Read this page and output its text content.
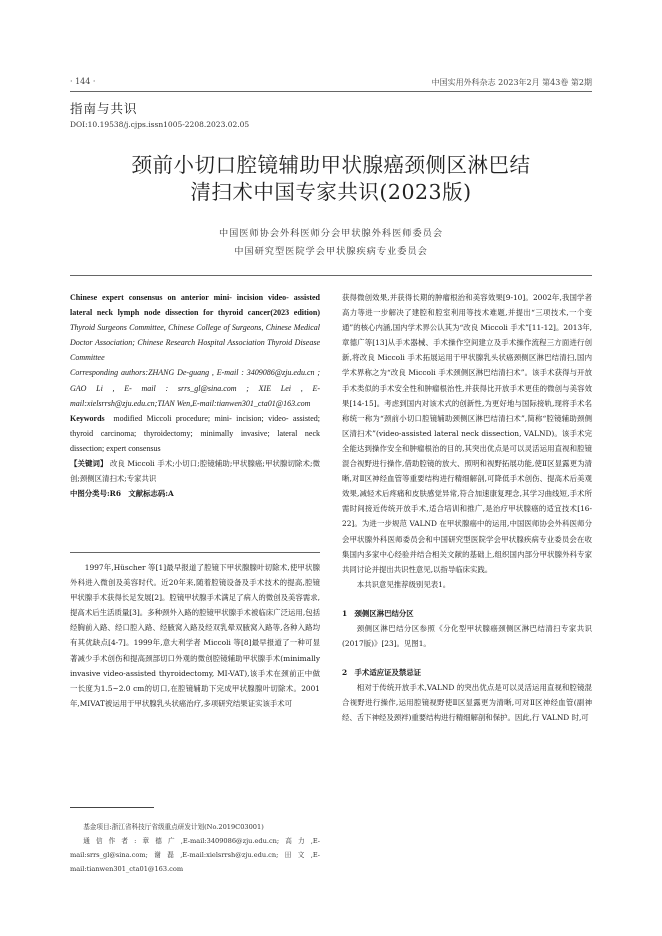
· 144 ·	中国实用外科杂志 2023年2月 第43卷 第2期
指南与共识
DOI:10.19538/j.cjps.issn1005-2208.2023.02.05
颈前小切口腔镜辅助甲状腺癌颈侧区淋巴结
清扫术中国专家共识(2023版)
中国医师协会外科医师分会甲状腺外科医师委员会
中国研究型医院学会甲状腺疾病专业委员会
Chinese expert consensus on anterior mini- incision video- assisted lateral neck lymph node dissection for thyroid cancer(2023 edition) Thyroid Surgeons Committee, Chinese College of Surgeons, Chinese Medical Doctor Association; Chinese Research Hospital Association Thyroid Disease Committee
Corresponding authors:ZHANG De-guang , E-mail : 3409086@zju.edu.cn ; GAO Li , E- mail : srrs_gl@sina.com ; XIE Lei , E-mail:xielsrrsh@zju.edu.cn;TIAN Wen,E-mail:tianwen301_cta01@163.com
Keywords modified Miccoli procedure; mini- incision; video- assisted; thyroid carcinoma; thyroidectomy; minimally invasive; lateral neck dissection; expert consensus
【关键词】 改良 Miccoli 手术;小切口;腔镜辅助;甲状腺癌;甲状腺切除术;微创;颈侧区清扫术;专家共识
中图分类号:R6　文献标志码:A

1997年,Hüscher 等[1]最早报道了腔镜下甲状腺腺叶切除术,使甲状腺外科进入微创及美容时代。近20年来,随着腔镜设备及手术技术的提高,腔镜甲状腺手术获得长足发展[2]。腔镜甲状腺手术满足了病人的微创及美容需求,提高术后生活质量[3]。多种颈外入路的腔镜甲状腺手术被临床广泛运用,包括经胸前入路、经口腔入路、经腋窝入路及经双乳晕双腋窝入路等,各种入路均有其优缺点[4-7]。1999年,意大利学者 Miccoli 等[8]最早报道了一种可显著减少手术创伤和提高颈部切口外观的微创腔镜辅助甲状腺手术(minimally invasive video-assisted thyroidectomy, MI-VAT),该手术在颈前正中做一长度为1.5~2.0 cm的切口,在腔镜辅助下完成甲状腺腺叶切除术。2001年,MIVAT被运用于甲状腺乳头状癌治疗,多项研究结果证实该手术可

基金项目:浙江省科技厅省级重点研发计划(No.2019C03001)

通信作者:章德广,E-mail:3409086@zju.edu.cn;高力,E-mail:srrs_gl@sina.com;谢磊,E-mail:xielsrrsh@zju.edu.cn;田文,E-mail:tianwen301_cta01@163.com

获得微创效果,并获得长期的肿瘤根治和美容效果[9-10]。2002年,我国学者高力等进一步解决了建腔和腔室利用等技术难题,并提出“三项技术,一个变通”的核心内涵,国内学术界公认其为“改良 Miccoli 手术”[11-12]。2013年,章德广等[13]从手术器械、手术操作空间建立及手术操作流程三方面进行创新,将改良 Miccoli 手术拓展运用于甲状腺乳头状癌颈侧区淋巴结清扫,国内学术界称之为“改良 Miccoli 手术颈侧区淋巴结清扫术”。该手术获得与开放手术类似的手术安全性和肿瘤根治性,并获得比开放手术更佳的微创与美容效果[14-15]。考虑到国内对该术式的创新性,为更好地与国际接轨,现将手术名称统一称为“颈前小切口腔镜辅助颈侧区淋巴结清扫术”,简称“腔镜辅助颈侧区清扫术”(video-assisted lateral neck dissection, VALND)。该手术完全能达到操作安全和肿瘤根治的目的,其突出优点是可以灵活运用直视和腔镜混合视野进行操作,借助腔镜的放大、照明和视野拓展功能,使Ⅱ区显露更为清晰,对Ⅱ区神经血管等重要结构进行精细解剖,可降低手术创伤、提高术后美观效果,减轻术后疼痛和皮肤感觉异常,符合加速康复理念,其学习曲线短,手术所需时间接近传统开放手术,适合培训和推广,是治疗甲状腺癌的适宜技术[16-22]。为进一步规范 VALND 在甲状腺癌中的运用,中国医师协会外科医师分会甲状腺外科医师委员会和中国研究型医院学会甲状腺疾病专业委员会在收集国内多家中心经验并结合相关文献的基础上,组织国内部分甲状腺外科专家共同讨论并提出共识性意见,以指导临床实践。

本共识意见推荐级别见表1。

1　颈侧区淋巴结分区

颈侧区淋巴结分区参照《分化型甲状腺癌颈侧区淋巴结清扫专家共识(2017版)》[23]。见图1。

2　手术适应证及禁忌证

相对于传统开放手术,VALND 的突出优点是可以灵活运用直视和腔镜混合视野进行操作,运用腔镜视野使Ⅱ区显露更为清晰,可对Ⅱ区神经血管(副神经、舌下神经及颈袢)重要结构进行精细解剖和保护。因此,行 VALND 时,可
